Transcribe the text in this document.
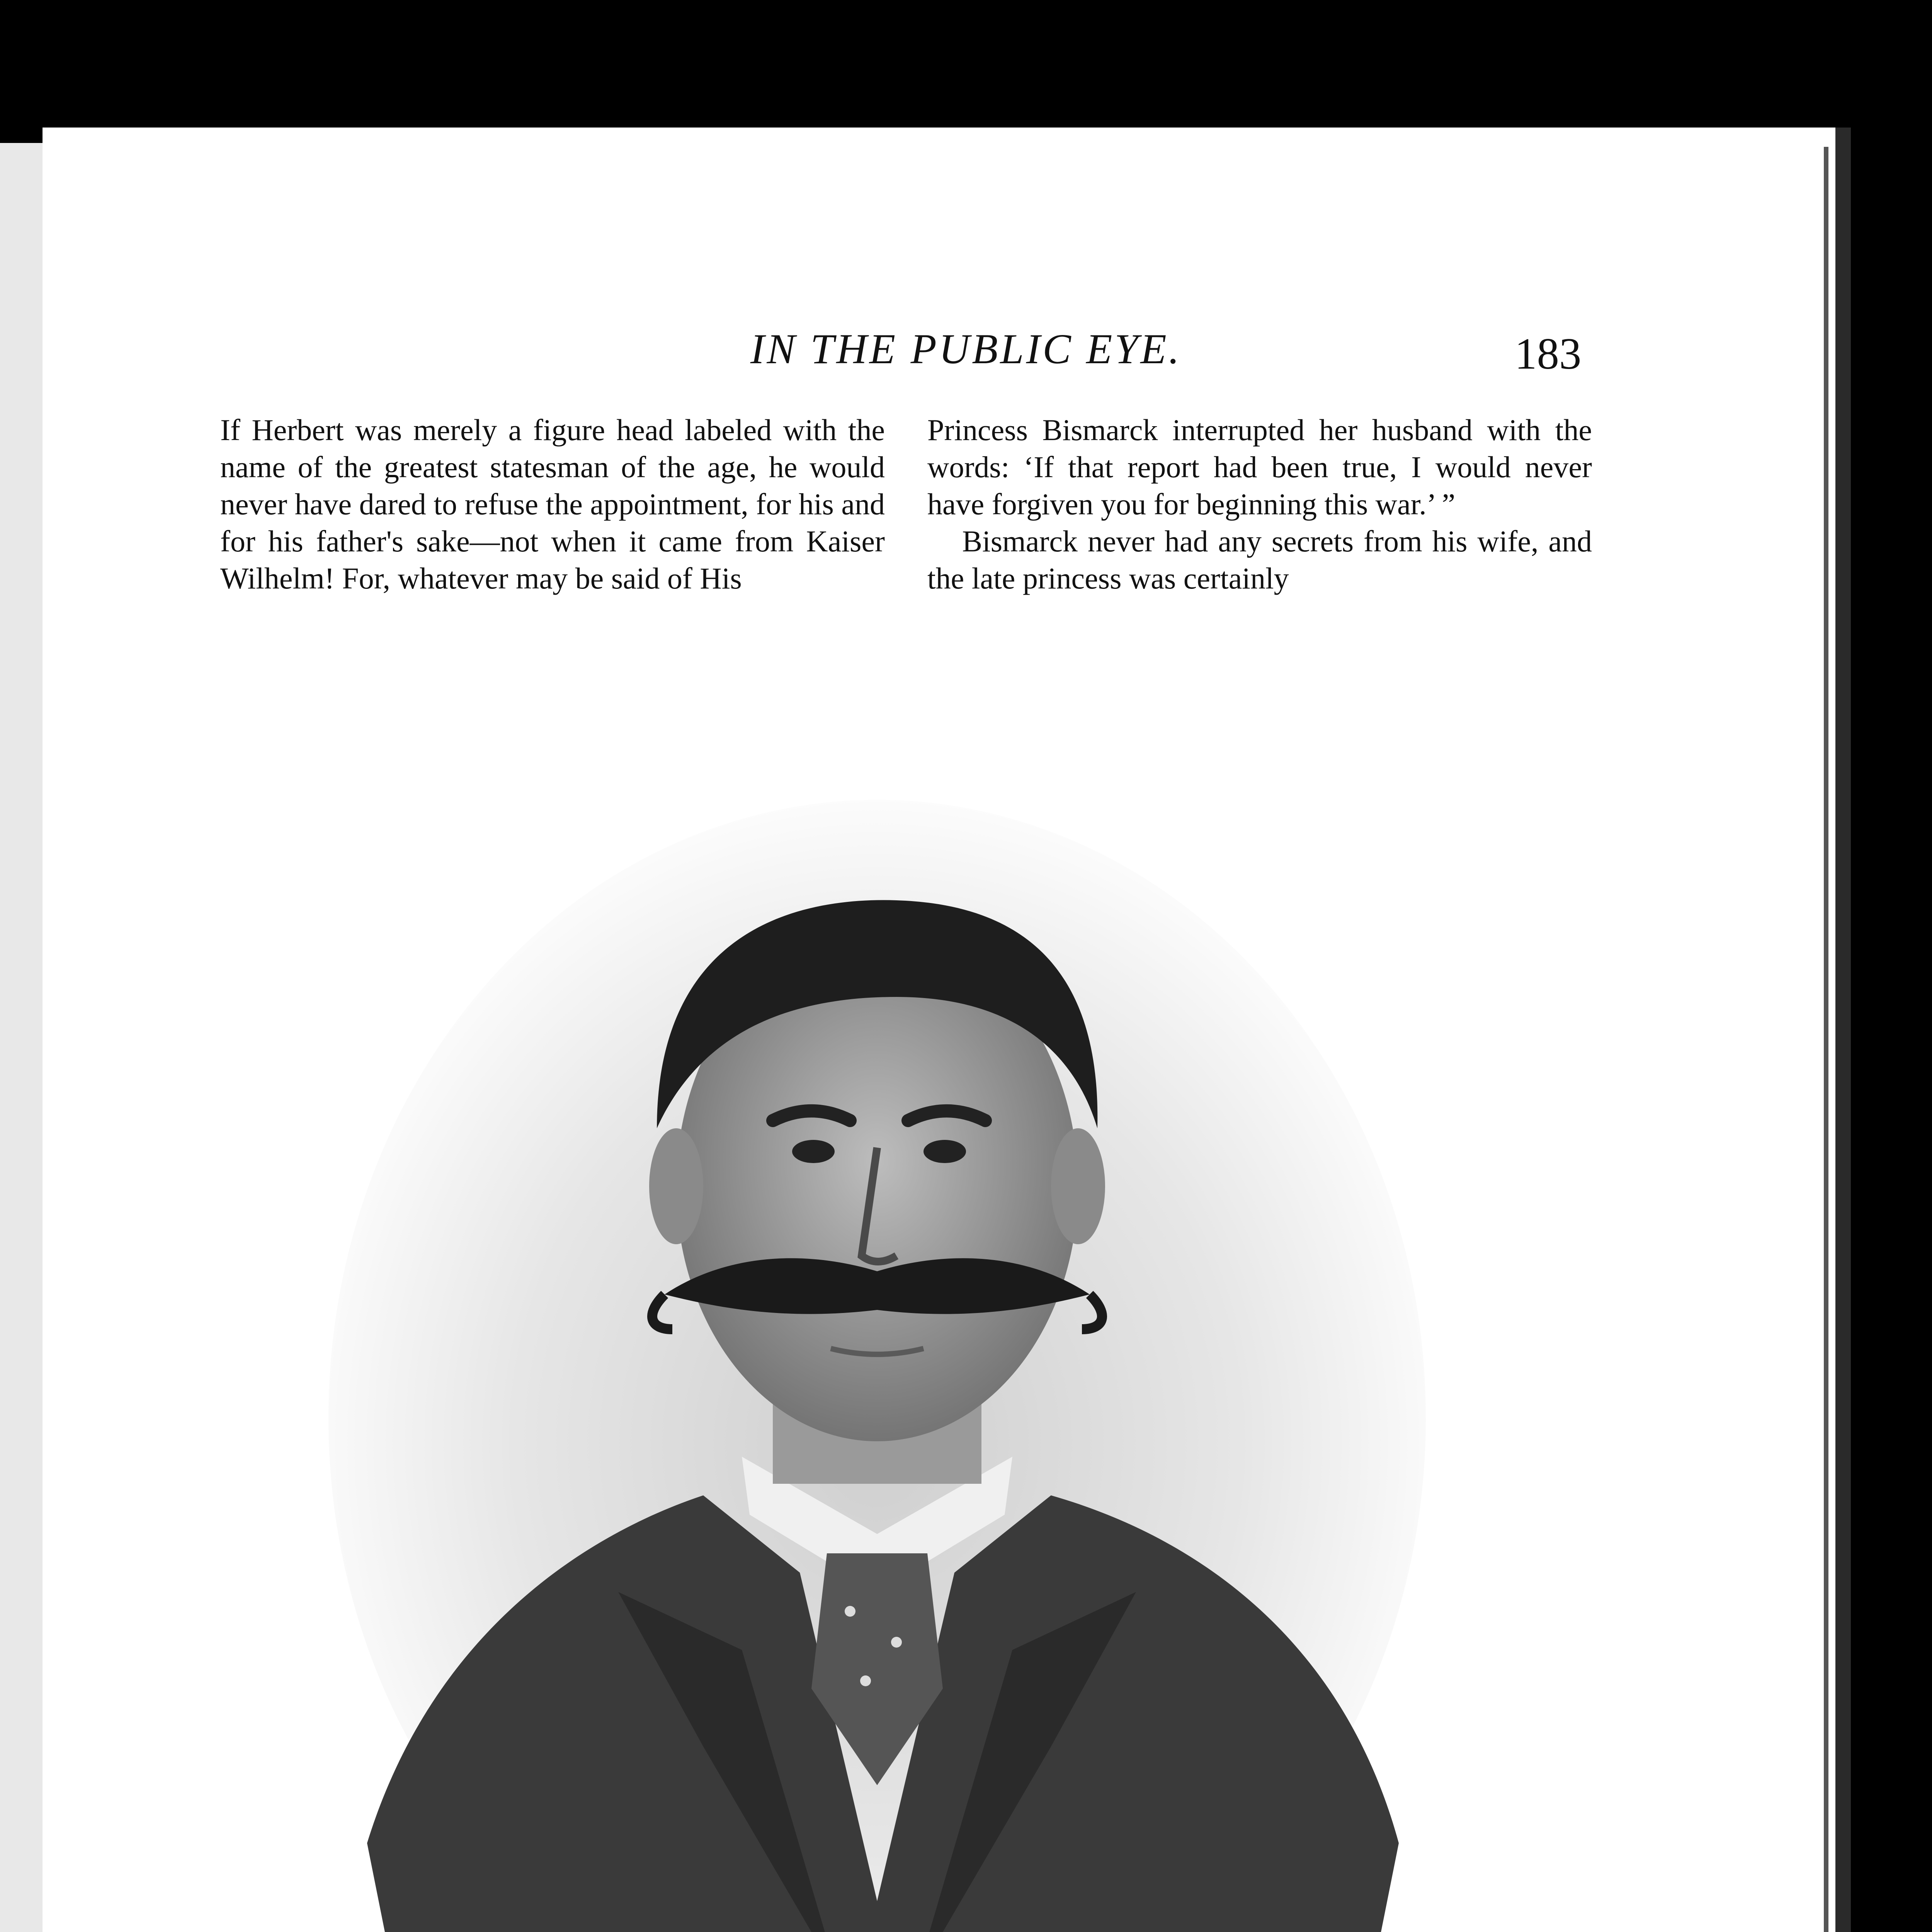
IN THE PUBLIC EYE.	183

If Herbert was merely a figure head labeled with the name of the greatest statesman of the age, he would never have dared to refuse the appointment, for his and for his father's sake—not when it came from Kaiser Wilhelm! For, whatever may be said of His

Princess Bismarck interrupted her husband with the words: ‘If that report had been true, I would never have forgiven you for beginning this war.’ ”

Bismarck never had any secrets from his wife, and the late princess was certainly
